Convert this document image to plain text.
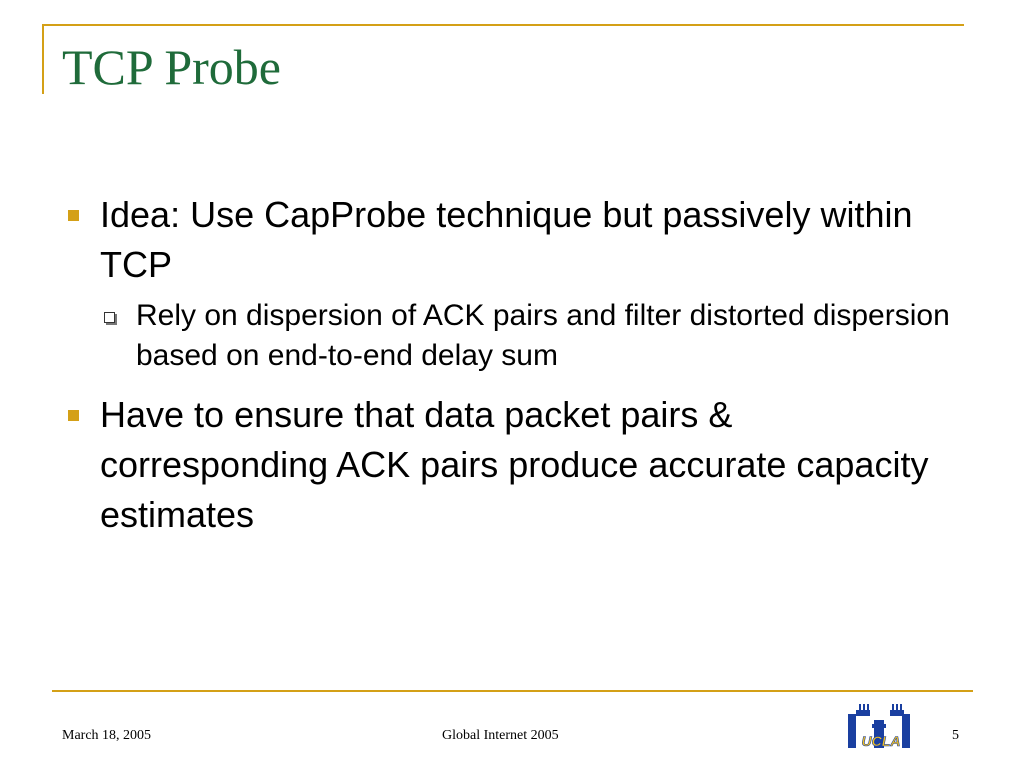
TCP Probe
Idea: Use CapProbe technique but passively within TCP
Rely on dispersion of ACK pairs and filter distorted dispersion based on end-to-end delay sum
Have to ensure that data packet pairs & corresponding ACK pairs produce accurate capacity estimates
March 18, 2005	Global Internet 2005	5
UCLA
